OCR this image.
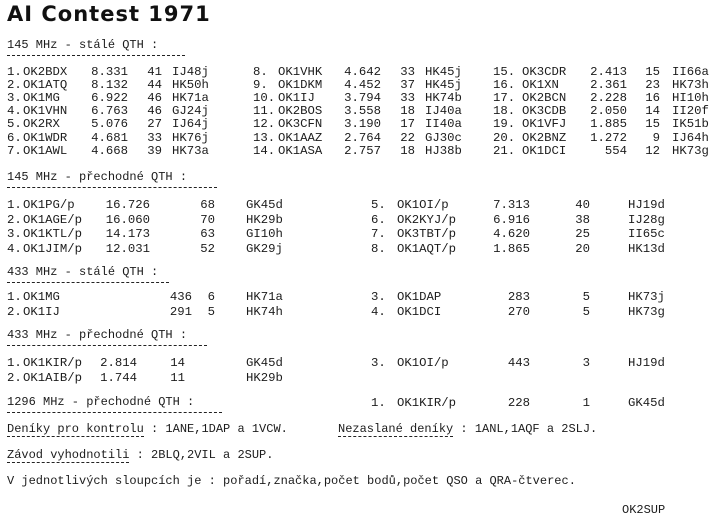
AI Contest 1971
145 MHz - stálé QTH :
1. OK2BDX	8.331	41 IJ48j	8. OK1VHK	4.642	33 HK45j	15. OK3CDR	2.413	15 II66a
2. OK1ATQ	8.132	44 HK50h	9. OK1DKM	4.452	37 HK45j	16. OK1XN	2.361	23 HK73h
3. OK1MG	6.922	46 HK71a	10. OK1IJ	3.794	33 HK74b	17. OK2BCN	2.228	16 HI10h
4. OK1VHN	6.763	46 GJ24j	11. OK2BOS	3.558	18 IJ40a	18. OK3CDB	2.050	14 II20f
5. OK2RX	5.076	27 IJ64j	12. OK3CFN	3.190	17 II40a	19. OK1VFJ	1.885	15 IK51b
6. OK1WDR	4.681	33 HK76j	13. OK1AAZ	2.764	22 GJ30c	20. OK2BNZ	1.272	9 IJ64h
7. OK1AWL	4.668	39 HK73a	14. OK1ASA	2.757	18 HJ38b	21. OK1DCI	554	12 HK73g
145 MHz - přechodné QTH :
1. OK1PG/p	16.726	68	GK45d	5. OK1OI/p	7.313	40	HJ19d
2. OK1AGE/p	16.060	70	HK29b	6. OK2KYJ/p	6.916	38	IJ28g
3. OK1KTL/p	14.173	63	GI10h	7. OK3TBT/p	4.620	25	II65c
4. OK1JIM/p	12.031	52	GK29j	8. OK1AQT/p	1.865	20	HK13d
433 MHz - stálé QTH :
1. OK1MG	436	6	HK71a	3. OK1DAP	283	5	HK73j
2. OK1IJ	291	5	HK74h	4. OK1DCI	270	5	HK73g
433 MHz - přechodné QTH :
1. OK1KIR/p	2.814	14	GK45d	3. OK1OI/p	443	3	HJ19d
2. OK1AIB/p	1.744	11	HK29b
1296 MHz - přechodné QTH :	1. OK1KIR/p	228	1	GK45d
Deníky pro kontrolu : 1ANE,1DAP a 1VCW.	Nezaslané deníky : 1ANL,1AQF a 2SLJ.
Závod vyhodnotili : 2BLQ,2VIL a 2SUP.
V jednotlivých sloupcích je : pořadí,značka,počet bodů,počet QSO a QRA-čtverec.
OK2SUP
